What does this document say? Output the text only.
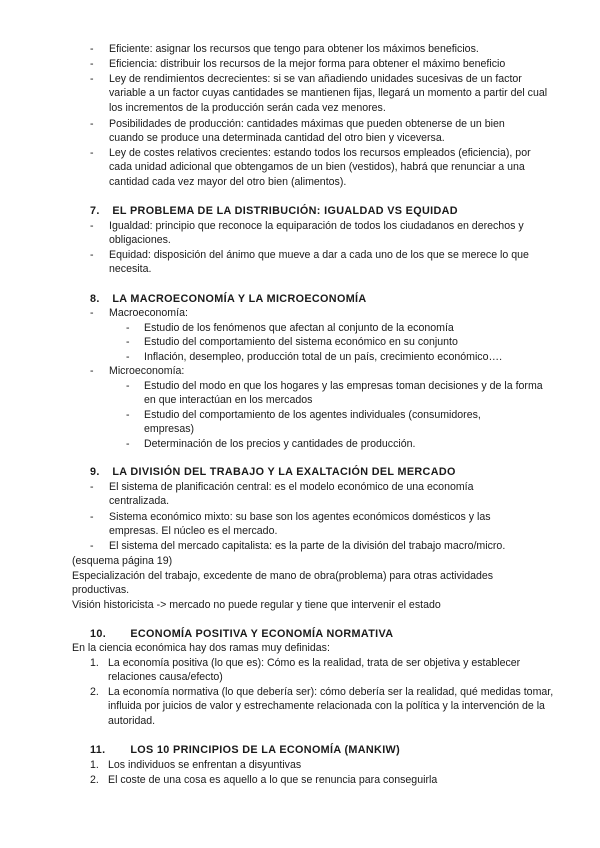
- Eficiente: asignar los recursos que tengo para obtener los máximos beneficios.
- Eficiencia: distribuir los recursos de la mejor forma para obtener el máximo beneficio
- Ley de rendimientos decrecientes: si se van añadiendo unidades sucesivas de un factor variable a un factor cuyas cantidades se mantienen fijas, llegará un momento a partir del cual los incrementos de la producción serán cada vez menores.
- Posibilidades de producción: cantidades máximas que pueden obtenerse de un bien cuando se produce una determinada cantidad del otro bien y viceversa.
- Ley de costes relativos crecientes: estando todos los recursos empleados (eficiencia), por cada unidad adicional que obtengamos de un bien (vestidos), habrá que renunciar a una cantidad cada vez mayor del otro bien (alimentos).
7. EL PROBLEMA DE LA DISTRIBUCIÓN: IGUALDAD VS EQUIDAD
- Igualdad: principio que reconoce la equiparación de todos los ciudadanos en derechos y obligaciones.
- Equidad: disposición del ánimo que mueve a dar a cada uno de los que se merece lo que necesita.
8. LA MACROECONOMÍA Y LA MICROECONOMÍA
- Macroeconomía:
- Estudio de los fenómenos que afectan al conjunto de la economía
- Estudio del comportamiento del sistema económico en su conjunto
- Inflación, desempleo, producción total de un país, crecimiento económico….
- Microeconomía:
- Estudio del modo en que los hogares y las empresas toman decisiones y de la forma en que interactúan en los mercados
- Estudio del comportamiento de los agentes individuales (consumidores, empresas)
- Determinación de los precios y cantidades de producción.
9. LA DIVISIÓN DEL TRABAJO Y LA EXALTACIÓN DEL MERCADO
- El sistema de planificación central: es el modelo económico de una economía centralizada.
- Sistema económico mixto: su base son los agentes económicos domésticos y las empresas. El núcleo es el mercado.
- El sistema del mercado capitalista: es la parte de la división del trabajo macro/micro.
(esquema página 19)
Especialización del trabajo, excedente de mano de obra(problema) para otras actividades productivas.
Visión historicista -> mercado no puede regular y tiene que intervenir el estado
10. ECONOMÍA POSITIVA Y ECONOMÍA NORMATIVA
En la ciencia económica hay dos ramas muy definidas:
1. La economía positiva (lo que es): Cómo es la realidad, trata de ser objetiva y establecer relaciones causa/efecto)
2. La economía normativa (lo que debería ser): cómo debería ser la realidad, qué medidas tomar, influida por juicios de valor y estrechamente relacionada con la política y la intervención de la autoridad.
11. LOS 10 PRINCIPIOS DE LA ECONOMÍA (MANKIW)
1. Los individuos se enfrentan a disyuntivas
2. El coste de una cosa es aquello a lo que se renuncia para conseguirla
